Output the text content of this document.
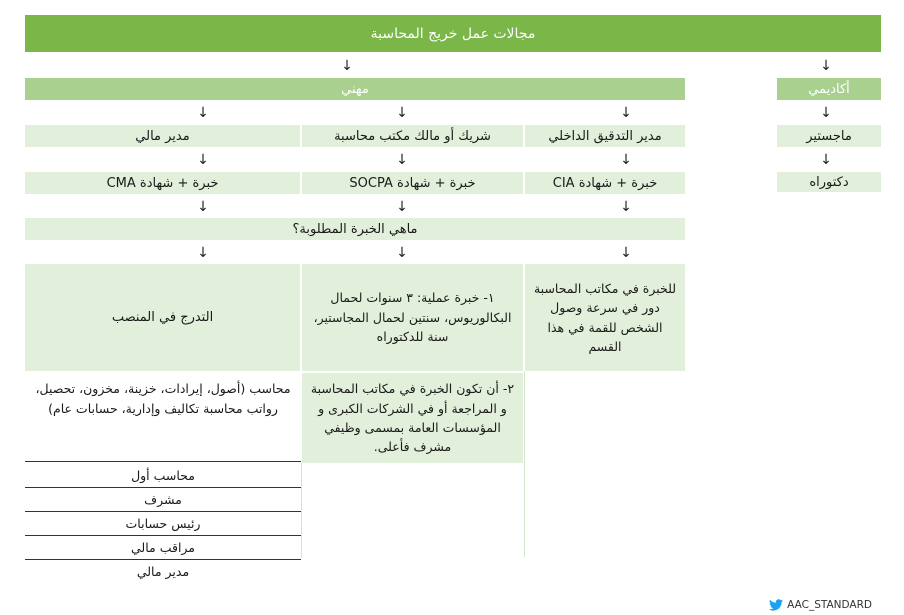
مجالات عمل خريج المحاسبة
↓	↓
مهني	أكاديمي
↓
ماجستير
↓
دكتوراه
↓	↓	↓
مدير التدقيق الداخلي
شريك أو مالك مكتب محاسبة
مدير مالي
↓	↓	↓
خبرة + شهادة CIA
خبرة + شهادة SOCPA
خبرة + شهادة CMA
↓	↓	↓
ماهي الخبرة المطلوبة؟
↓	↓	↓
للخبرة في مكاتب المحاسبة دور في سرعة وصول الشخص للقمة في هذا القسم
١- خبرة عملية: ٣ سنوات لحمال البكالوريوس، سنتين لحمال المجاستير، سنة للدكتوراه
التدرج في المنصب
٢- أن تكون الخبرة في مكاتب المحاسبة و المراجعة أو في الشركات الكبرى و المؤسسات العامة بمسمى وظيفي مشرف فأعلى.
محاسب (أصول، إيرادات، خزينة، مخزون، تحصيل، رواتب محاسبة تكاليف وإدارية، حسابات عام)
محاسب أول
مشرف
رئيس حسابات
مراقب مالي
مدير مالي
AAC_STANDARD
